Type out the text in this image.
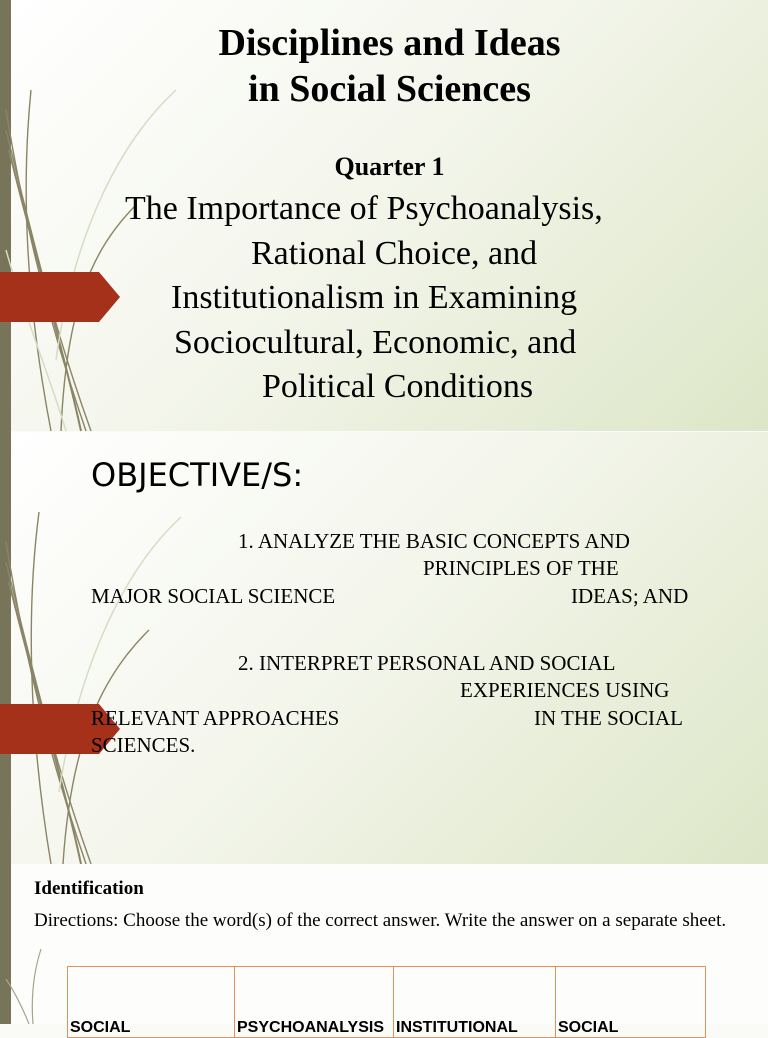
Disciplines and Ideas
in Social Sciences

Quarter 1

The Importance of Psychoanalysis,
Rational Choice, and
Institutionalism in Examining
Sociocultural, Economic, and
Political Conditions

OBJECTIVE/S:

1. ANALYZE THE BASIC CONCEPTS AND
PRINCIPLES OF THE
MAJOR SOCIAL SCIENCE	IDEAS; AND

2. INTERPRET PERSONAL AND SOCIAL
EXPERIENCES USING
RELEVANT APPROACHES	IN THE SOCIAL
SCIENCES.

Identification

Directions: Choose the word(s) of the correct answer. Write the answer on a separate sheet.

SOCIAL	PSYCHOANALYSIS	INSTITUTIONAL	SOCIAL
